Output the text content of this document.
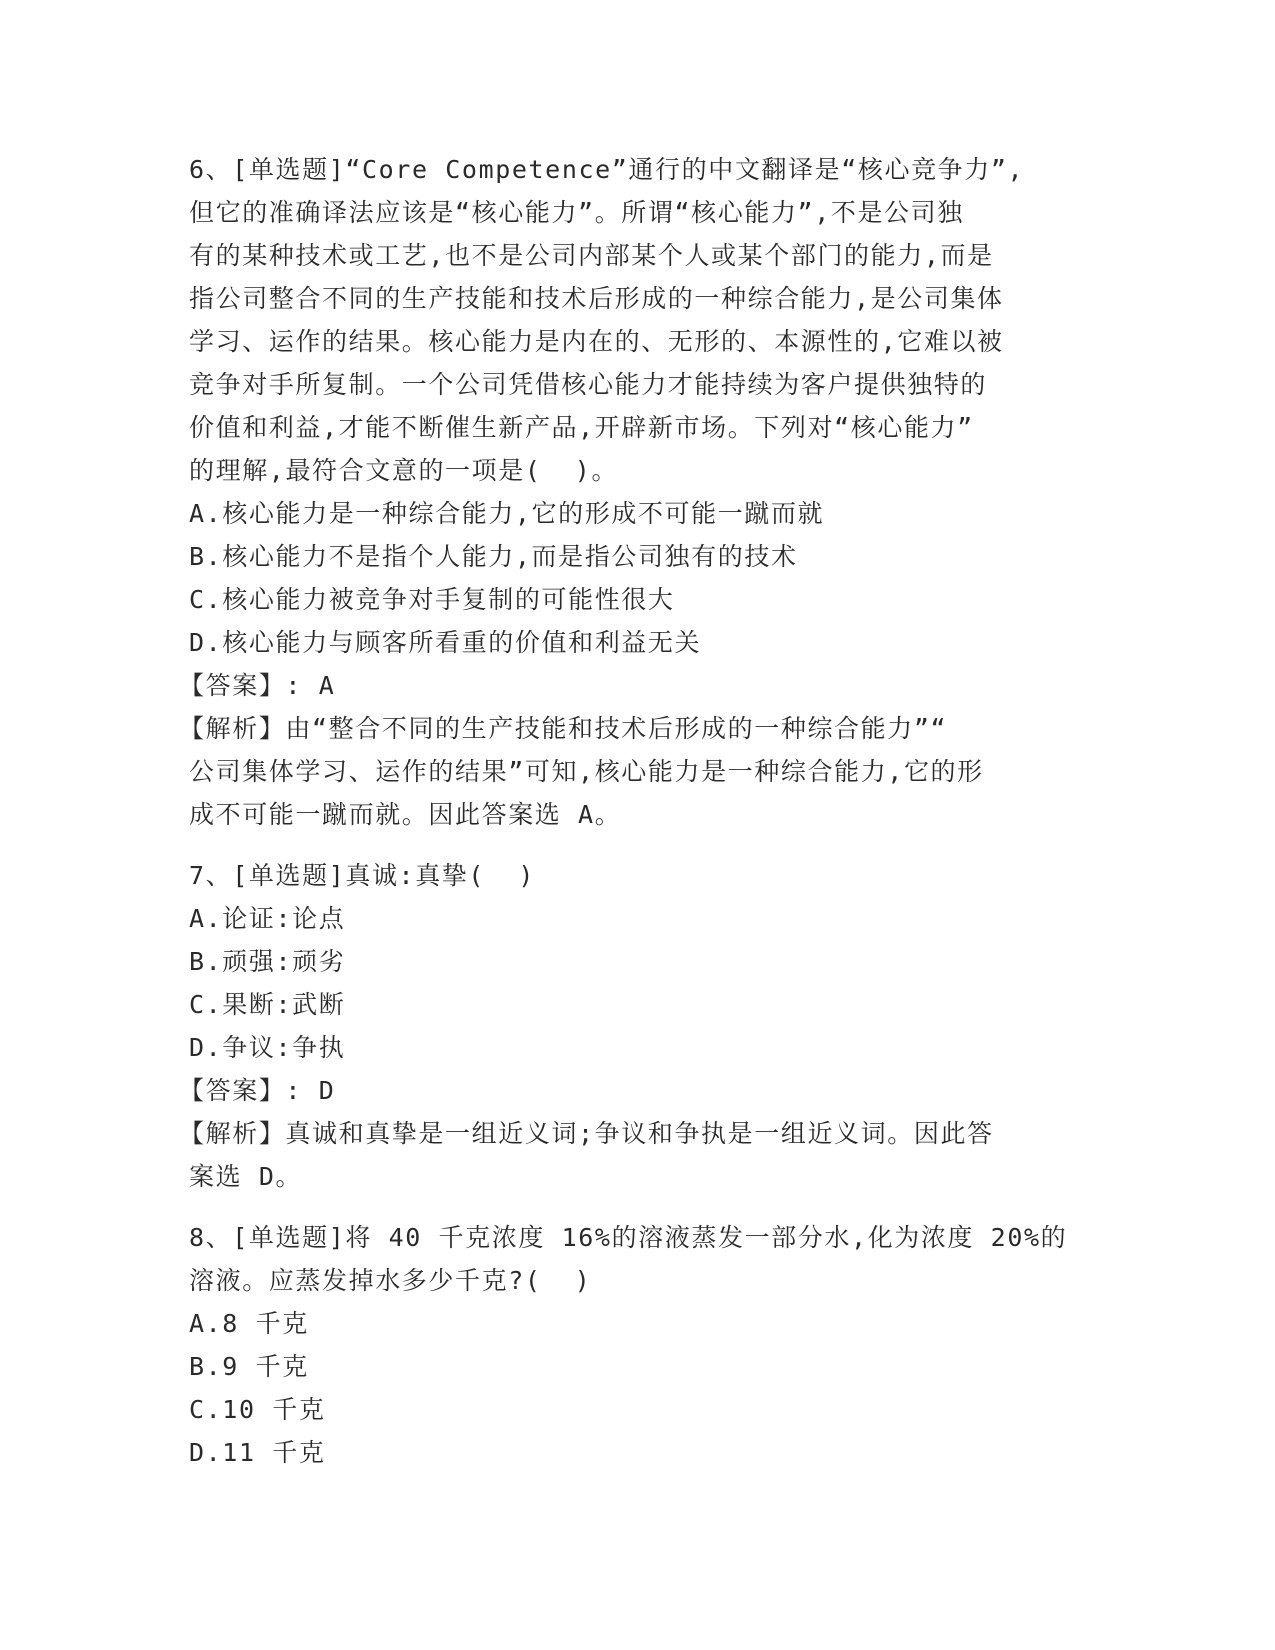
6、[单选题]“Core Competence”通行的中文翻译是“核心竞争力”,

但它的准确译法应该是“核心能力”。所谓“核心能力”,不是公司独

有的某种技术或工艺,也不是公司内部某个人或某个部门的能力,而是

指公司整合不同的生产技能和技术后形成的一种综合能力,是公司集体

学习、运作的结果。核心能力是内在的、无形的、本源性的,它难以被

竞争对手所复制。一个公司凭借核心能力才能持续为客户提供独特的

价值和利益,才能不断催生新产品,开辟新市场。下列对“核心能力”

的理解,最符合文意的一项是(  )。

A.核心能力是一种综合能力,它的形成不可能一蹴而就

B.核心能力不是指个人能力,而是指公司独有的技术

C.核心能力被竞争对手复制的可能性很大

D.核心能力与顾客所看重的价值和利益无关

【答案】: A

【解析】由“整合不同的生产技能和技术后形成的一种综合能力”“

公司集体学习、运作的结果”可知,核心能力是一种综合能力,它的形

成不可能一蹴而就。因此答案选 A。

7、[单选题]真诚:真挚(  )

A.论证:论点

B.顽强:顽劣

C.果断:武断

D.争议:争执

【答案】: D

【解析】真诚和真挚是一组近义词;争议和争执是一组近义词。因此答

案选 D。

8、[单选题]将 40 千克浓度 16%的溶液蒸发一部分水,化为浓度 20%的

溶液。应蒸发掉水多少千克?(  )

A.8 千克

B.9 千克

C.10 千克

D.11 千克
